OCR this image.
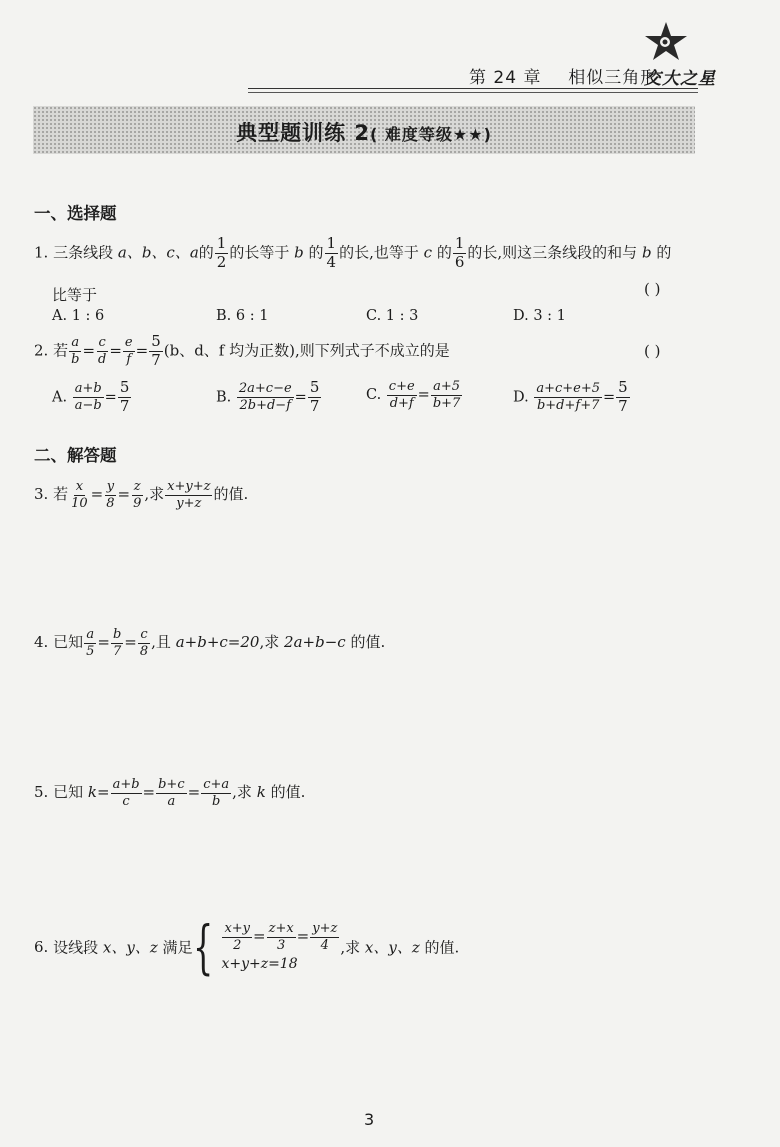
第 24 章 相似三角形
交大之星
典型题训练 2( 难度等级★★)
一、选择题
1. 三条线段 a、b、c、a的 $\frac{1}{2}$ 的长等于 b 的 $\frac{1}{4}$ 的长,也等于 c 的 $\frac{1}{6}$ 的长,则这三条线段的和与 b 的
比等于	( )
A. 1 : 6	B. 6 : 1	C. 1 : 3	D. 3 : 1
2. 若 $\frac{a}{b} = \frac{c}{d} = \frac{e}{f} = \frac{5}{7} (b$、d、f 均为正数),则下列式子不成立的是	( )
A. $\frac{a+b}{a-b} = \frac{5}{7}$	B. $\frac{2a+c-e}{2b+d-f} = \frac{5}{7}$	C. $\frac{c+e}{d+f} = \frac{a+5}{b+7}$	D. $\frac{a+c+e+5}{b+d+f+7} = \frac{5}{7}$
二、解答题
3. 若 $\frac{x}{10} = \frac{y}{8} = \frac{z}{9}$ ,求 $\frac{x+y+z}{y+z}$ 的值.
4. 已知 $\frac{a}{5} = \frac{b}{7} = \frac{c}{8}$ ,且 a+b+c=20,求 2a+b−c 的值.
5. 已知 $k= \frac{a+b}{c} = \frac{b+c}{a} = \frac{c+a}{b}$ ,求 k 的值.
6. 设线段 x、y、z 满足{ $\frac{x+y}{2} = \frac{z+x}{3} = \frac{y+z}{4}$
x+y+z=18
,求 x、y、z 的值.
3
